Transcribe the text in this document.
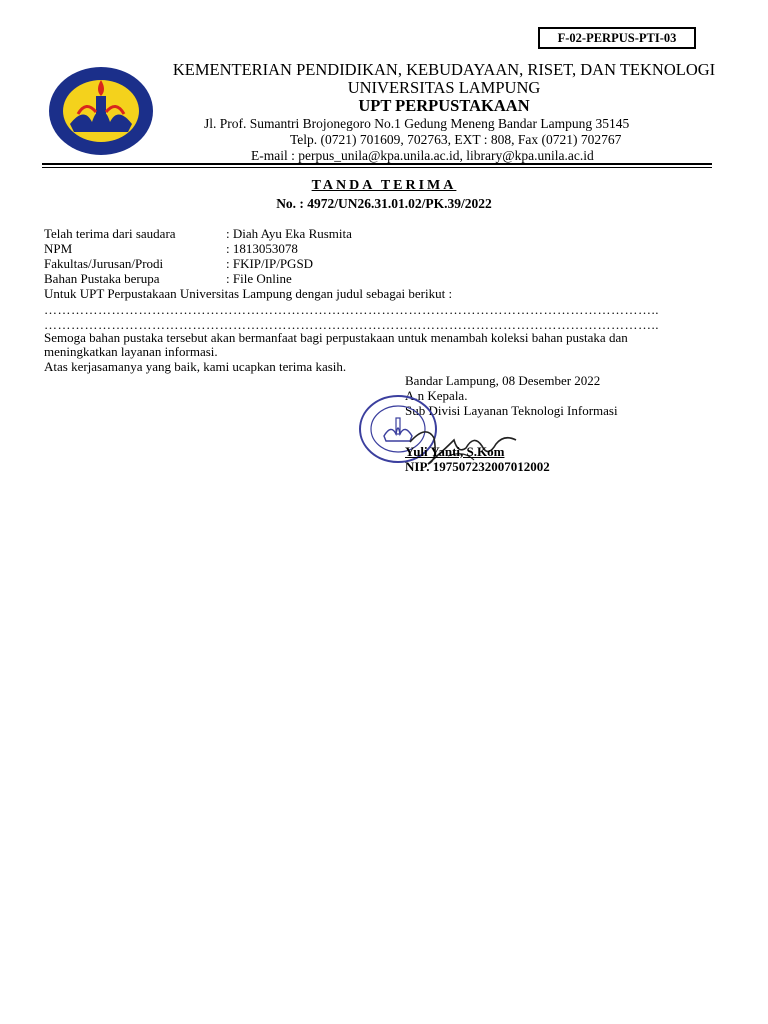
F-02-PERPUS-PTI-03
KEMENTERIAN PENDIDIKAN, KEBUDAYAAN, RISET, DAN TEKNOLOGI
UNIVERSITAS LAMPUNG
UPT PERPUSTAKAAN
Jl. Prof. Sumantri Brojonegoro No.1 Gedung Meneng Bandar Lampung 35145
Telp. (0721) 701609, 702763, EXT : 808, Fax (0721) 702767
E-mail : perpus_unila@kpa.unila.ac.id, library@kpa.unila.ac.id
TANDA TERIMA
No. : 4972/UN26.31.01.02/PK.39/2022
Telah terima dari saudara	: Diah Ayu Eka Rusmita
NPM	: 1813053078
Fakultas/Jurusan/Prodi	: FKIP/IP/PGSD
Bahan Pustaka berupa	: File Online
Untuk UPT Perpustakaan Universitas Lampung dengan judul sebagai berikut :
………………………………………………………………………………………………………………………..
………………………………………………………………………………………………………………………..
Semoga bahan pustaka tersebut akan bermanfaat bagi perpustakaan untuk menambah koleksi bahan pustaka dan
meningkatkan layanan informasi.
Atas kerjasamanya yang baik, kami ucapkan terima kasih.
Bandar Lampung, 08 Desember 2022
A.n Kepala.
Sub Divisi Layanan Teknologi Informasi
Yuli Yanti, S.Kom
NIP. 197507232007012002
